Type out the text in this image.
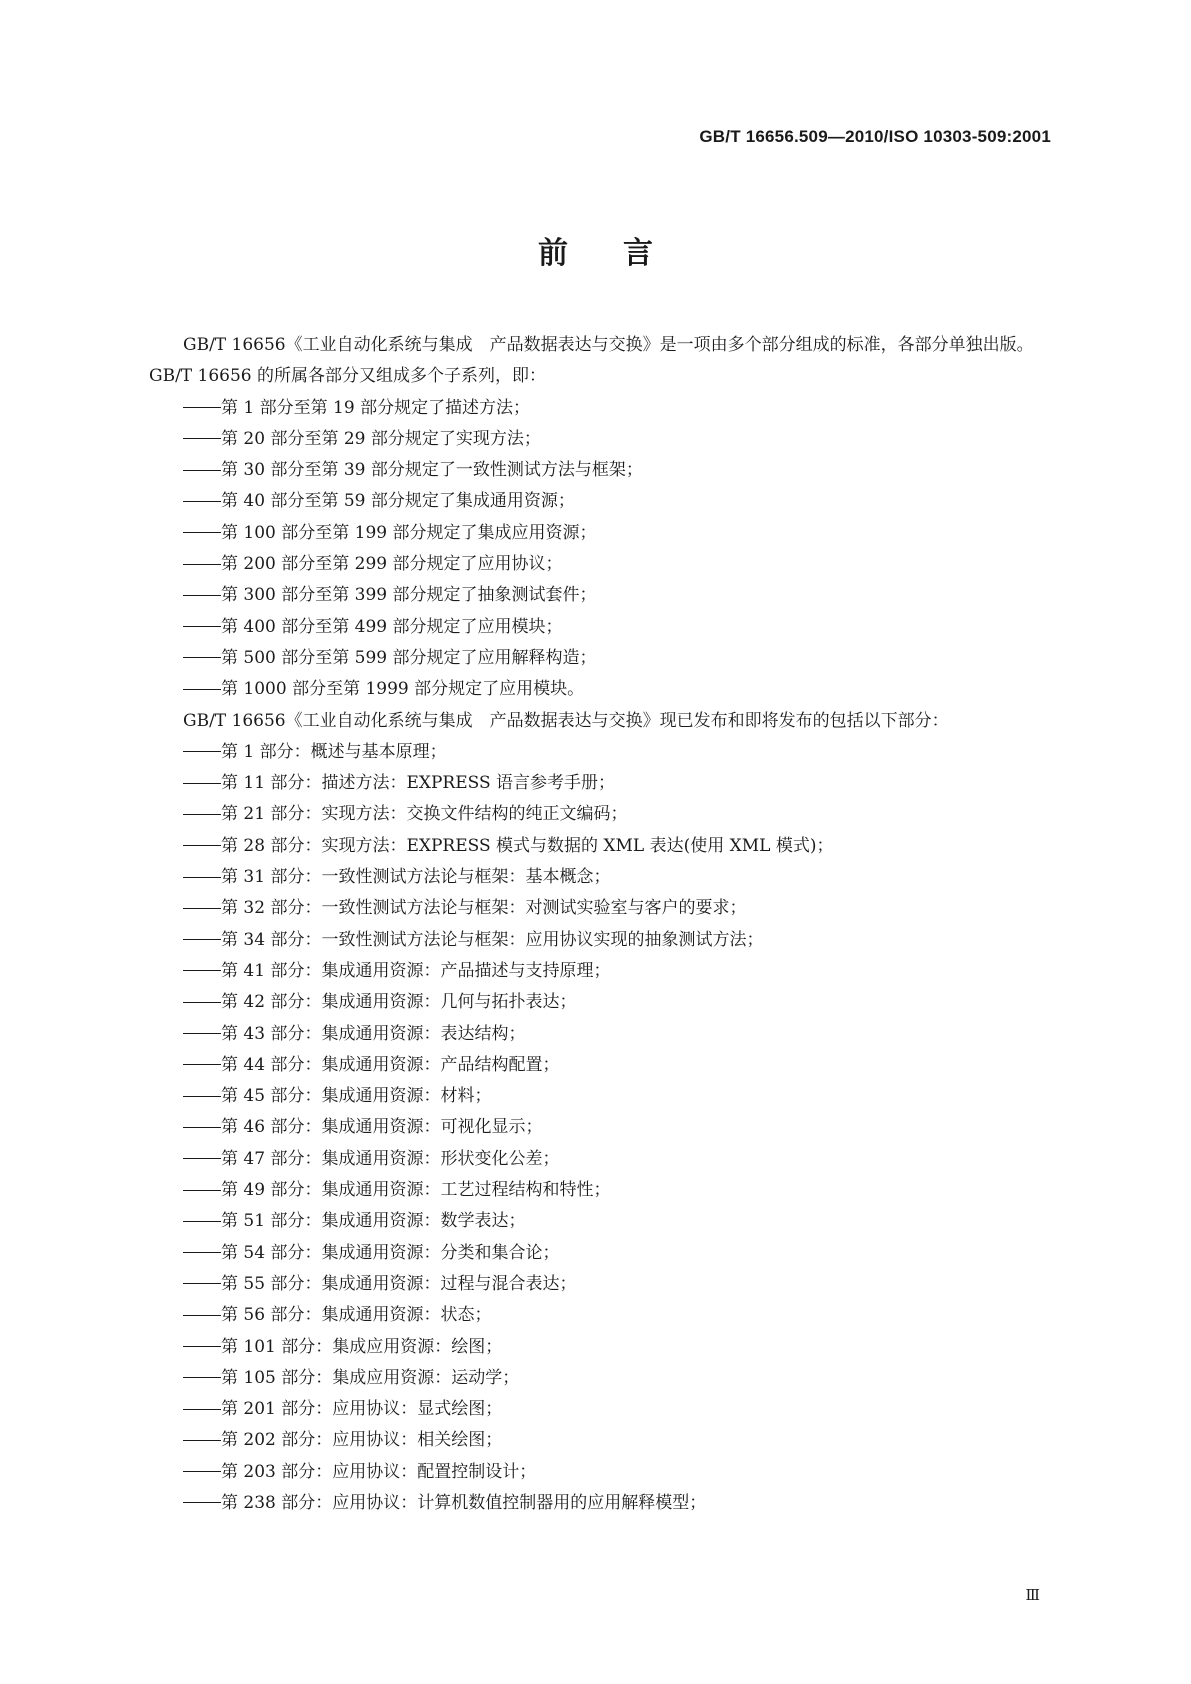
GB/T 16656.509—2010/ISO 10303-509:2001
前言

GB/T 16656《工业自动化系统与集成　产品数据表达与交换》是一项由多个部分组成的标准，各部分单独出版。GB/T 16656 的所属各部分又组成多个子系列，即：

第 1 部分至第 19 部分规定了描述方法；

第 20 部分至第 29 部分规定了实现方法；

第 30 部分至第 39 部分规定了一致性测试方法与框架；

第 40 部分至第 59 部分规定了集成通用资源；

第 100 部分至第 199 部分规定了集成应用资源；

第 200 部分至第 299 部分规定了应用协议；

第 300 部分至第 399 部分规定了抽象测试套件；

第 400 部分至第 499 部分规定了应用模块；

第 500 部分至第 599 部分规定了应用解释构造；

第 1000 部分至第 1999 部分规定了应用模块。

GB/T 16656《工业自动化系统与集成　产品数据表达与交换》现已发布和即将发布的包括以下部分：

第 1 部分：概述与基本原理；

第 11 部分：描述方法：EXPRESS 语言参考手册；

第 21 部分：实现方法：交换文件结构的纯正文编码；

第 28 部分：实现方法：EXPRESS 模式与数据的 XML 表达(使用 XML 模式)；

第 31 部分：一致性测试方法论与框架：基本概念；

第 32 部分：一致性测试方法论与框架：对测试实验室与客户的要求；

第 34 部分：一致性测试方法论与框架：应用协议实现的抽象测试方法；

第 41 部分：集成通用资源：产品描述与支持原理；

第 42 部分：集成通用资源：几何与拓扑表达；

第 43 部分：集成通用资源：表达结构；

第 44 部分：集成通用资源：产品结构配置；

第 45 部分：集成通用资源：材料；

第 46 部分：集成通用资源：可视化显示；

第 47 部分：集成通用资源：形状变化公差；

第 49 部分：集成通用资源：工艺过程结构和特性；

第 51 部分：集成通用资源：数学表达；

第 54 部分：集成通用资源：分类和集合论；

第 55 部分：集成通用资源：过程与混合表达；

第 56 部分：集成通用资源：状态；

第 101 部分：集成应用资源：绘图；

第 105 部分：集成应用资源：运动学；

第 201 部分：应用协议：显式绘图；

第 202 部分：应用协议：相关绘图；

第 203 部分：应用协议：配置控制设计；

第 238 部分：应用协议：计算机数值控制器用的应用解释模型；

Ⅲ
